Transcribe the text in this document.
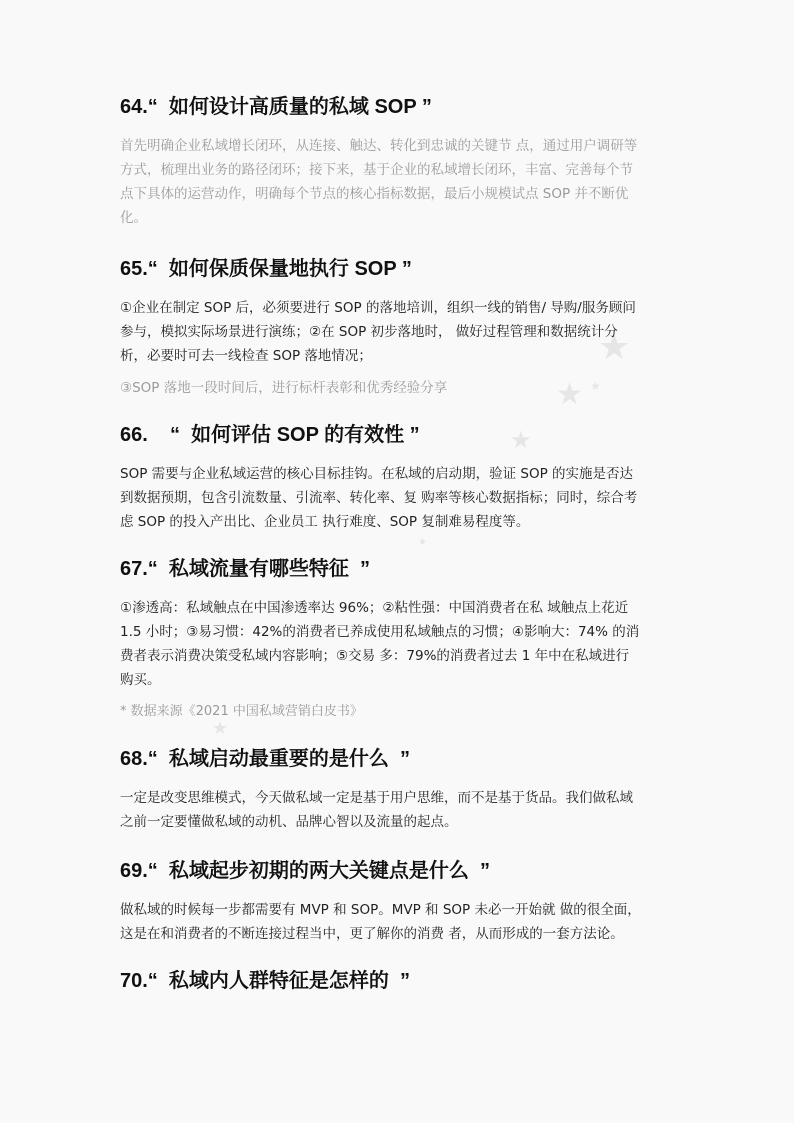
★
★ ★
★
★
★
64.“  如何设计高质量的私域 SOP ”

首先明确企业私域增长闭环，从连接、触达、转化到忠诚的关键节 点，通过用户调研等方式，梳理出业务的路径闭环；接下来，基于企业的私域增长闭环，丰富、完善每个节点下具体的运营动作，明确每个节点的核心指标数据，最后小规模试点 SOP 并不断优化。

65.“  如何保质保量地执行 SOP ”

①企业在制定 SOP 后，必须要进行 SOP 的落地培训，组织一线的销售/ 导购/服务顾问参与，模拟实际场景进行演练；②在 SOP 初步落地时， 做好过程管理和数据统计分析，必要时可去一线检查 SOP 落地情况；

③SOP 落地一段时间后，进行标杆表彰和优秀经验分享

66.    “  如何评估 SOP 的有效性 ”

SOP 需要与企业私域运营的核心目标挂钩。在私域的启动期，验证 SOP 的实施是否达到数据预期，包含引流数量、引流率、转化率、复 购率等核心数据指标；同时，综合考虑 SOP 的投入产出比、企业员工 执行难度、SOP 复制难易程度等。

67.“  私域流量有哪些特征  ”

①渗透高：私域触点在中国渗透率达 96%；②粘性强：中国消费者在私 域触点上花近 1.5 小时；③易习惯：42%的消费者已养成使用私域触点的习惯；④影响大：74% 的消费者表示消费决策受私域内容影响；⑤交易 多：79%的消费者过去 1 年中在私域进行购买。

* 数据来源《2021 中国私域营销白皮书》

68.“  私域启动最重要的是什么  ”

一定是改变思维模式，今天做私域一定是基于用户思维，而不是基于货品。我们做私域之前一定要懂做私域的动机、品牌心智以及流量的起点。

69.“  私域起步初期的两大关键点是什么  ”

做私域的时候每一步都需要有 MVP 和 SOP。MVP 和 SOP 未必一开始就 做的很全面，这是在和消费者的不断连接过程当中，更了解你的消费 者，从而形成的一套方法论。

70.“  私域内人群特征是怎样的  ”
